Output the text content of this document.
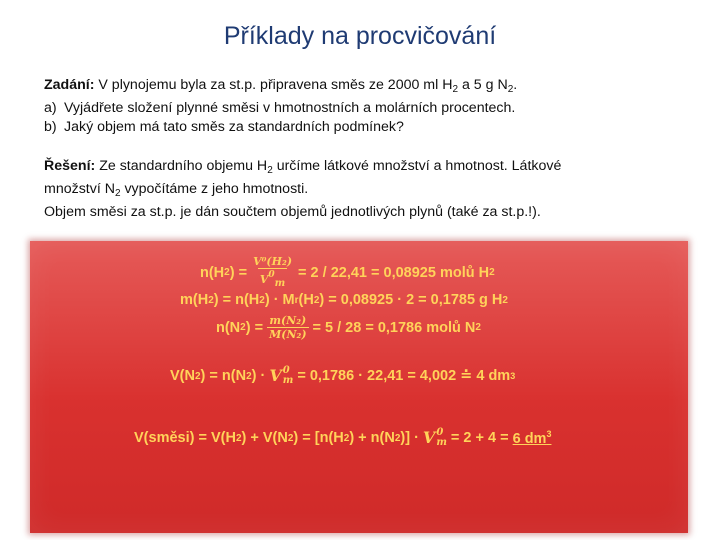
Příklady na procvičování
Zadání: V plynojemu byla za st.p. připravena směs ze 2000 ml $H_2$ a 5 g $N_2$.
a) Vyjádřete složení plynné směsi v hmotnostních a molárních procentech.
b) Jaký objem má tato směs za standardních podmínek?
Řešení: Ze standardního objemu $H_2$ určíme látkové množství a hmotnost. Látkové
množství $N_2$ vypočítáme z jeho hmotnosti.
Objem směsi za st.p. je dán součtem objemů jednotlivých plynů (také za st.p.!).
n(H 2 ) = $\frac{\text{V⁰(H₂)}}{V^0_m} = 2 / 22,41 = 0,08925$ molů H 2
m(H 2 ) = n(H 2 ) · M r (H 2 ) = 0,08925 · 2 = 0,1785 g H 2
n(N 2 ) = $\frac{\text{m(N₂)}}{\text{M(N₂)}} = 5 / 28 = 0,1786$ molů N 2
V(N 2 ) = n(N 2 ) · V 0
m = 0,1786 · 22,41 = 4,002 ≐ 4 dm 3
V(směsi) = V(H 2 ) + V(N 2 ) = [n(H 2 ) + n(N 2 )] · V 0
m = 2 + 4 =
6 $dm^3$
